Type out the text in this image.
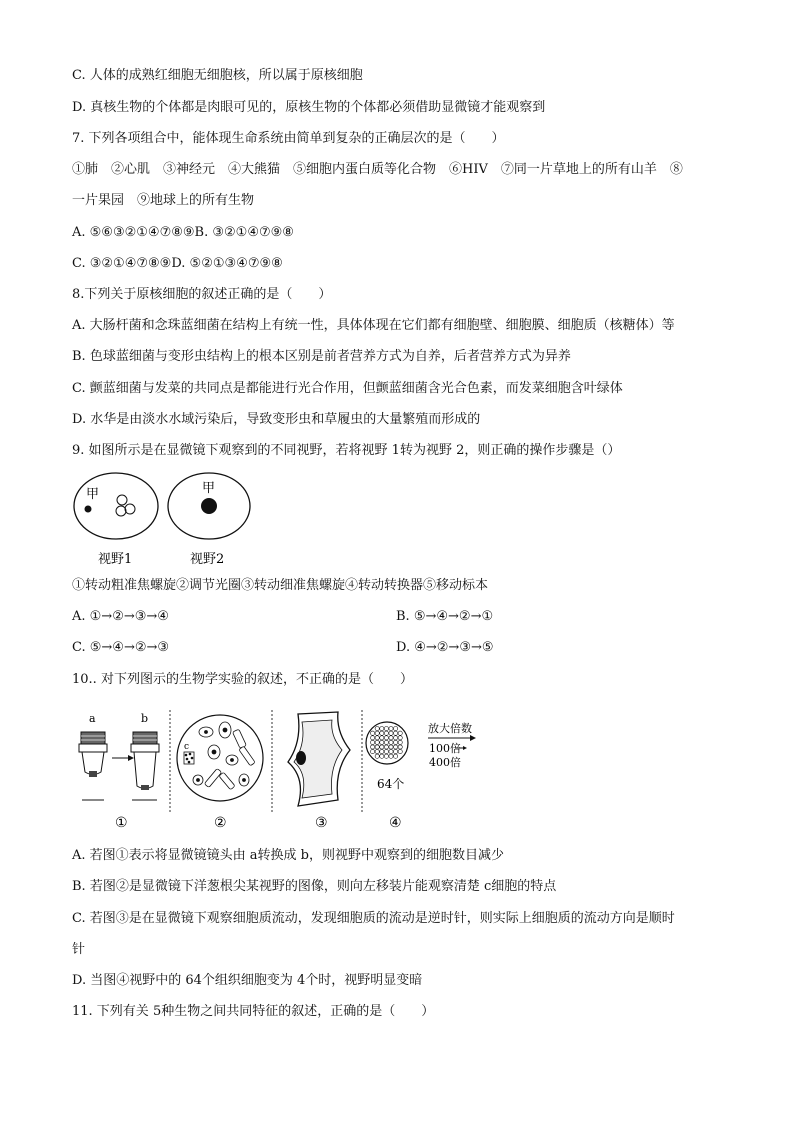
C. 人体的成熟红细胞无细胞核，所以属于原核细胞
D. 真核生物的个体都是肉眼可见的，原核生物的个体都必须借助显微镜才能观察到
7. 下列各项组合中，能体现生命系统由简单到复杂的正确层次的是（　　）
①肺　②心肌　③神经元　④大熊猫　⑤细胞内蛋白质等化合物　⑥HIV　⑦同一片草地上的所有山羊　⑧
一片果园　⑨地球上的所有生物
A. ⑤⑥③②①④⑦⑧⑨B. ③②①④⑦⑨⑧
C. ③②①④⑦⑧⑨D. ⑤②①③④⑦⑨⑧
8.下列关于原核细胞的叙述正确的是（　　）
A. 大肠杆菌和念珠蓝细菌在结构上有统一性，具体体现在它们都有细胞壁、细胞膜、细胞质（核糖体）等
B. 色球蓝细菌与变形虫结构上的根本区别是前者营养方式为自养，后者营养方式为异养
C. 颤蓝细菌与发菜的共同点是都能进行光合作用，但颤蓝细菌含光合色素，而发菜细胞含叶绿体
D. 水华是由淡水水域污染后，导致变形虫和草履虫的大量繁殖而形成的
9. 如图所示是在显微镜下观察到的不同视野，若将视野 1转为视野 2，则正确的操作步骤是（）
甲	甲
视野1	视野2
①转动粗准焦螺旋②调节光圈③转动细准焦螺旋④转动转换器⑤移动标本
A. ①→②→③→④	B. ⑤→④→②→①
C. ⑤→④→②→③	D. ④→②→③→⑤
10.. 对下列图示的生物学实验的叙述，不正确的是（　　）
a	b
c
放大倍数
100倍
400倍
64个
①	②	③	④
A. 若图①表示将显微镜镜头由 a转换成 b，则视野中观察到的细胞数目减少
B. 若图②是显微镜下洋葱根尖某视野的图像，则向左移装片能观察清楚 c细胞的特点
C. 若图③是在显微镜下观察细胞质流动，发现细胞质的流动是逆时针，则实际上细胞质的流动方向是顺时
针
D. 当图④视野中的 64个组织细胞变为 4个时，视野明显变暗
11. 下列有关 5种生物之间共同特征的叙述，正确的是（　　）
